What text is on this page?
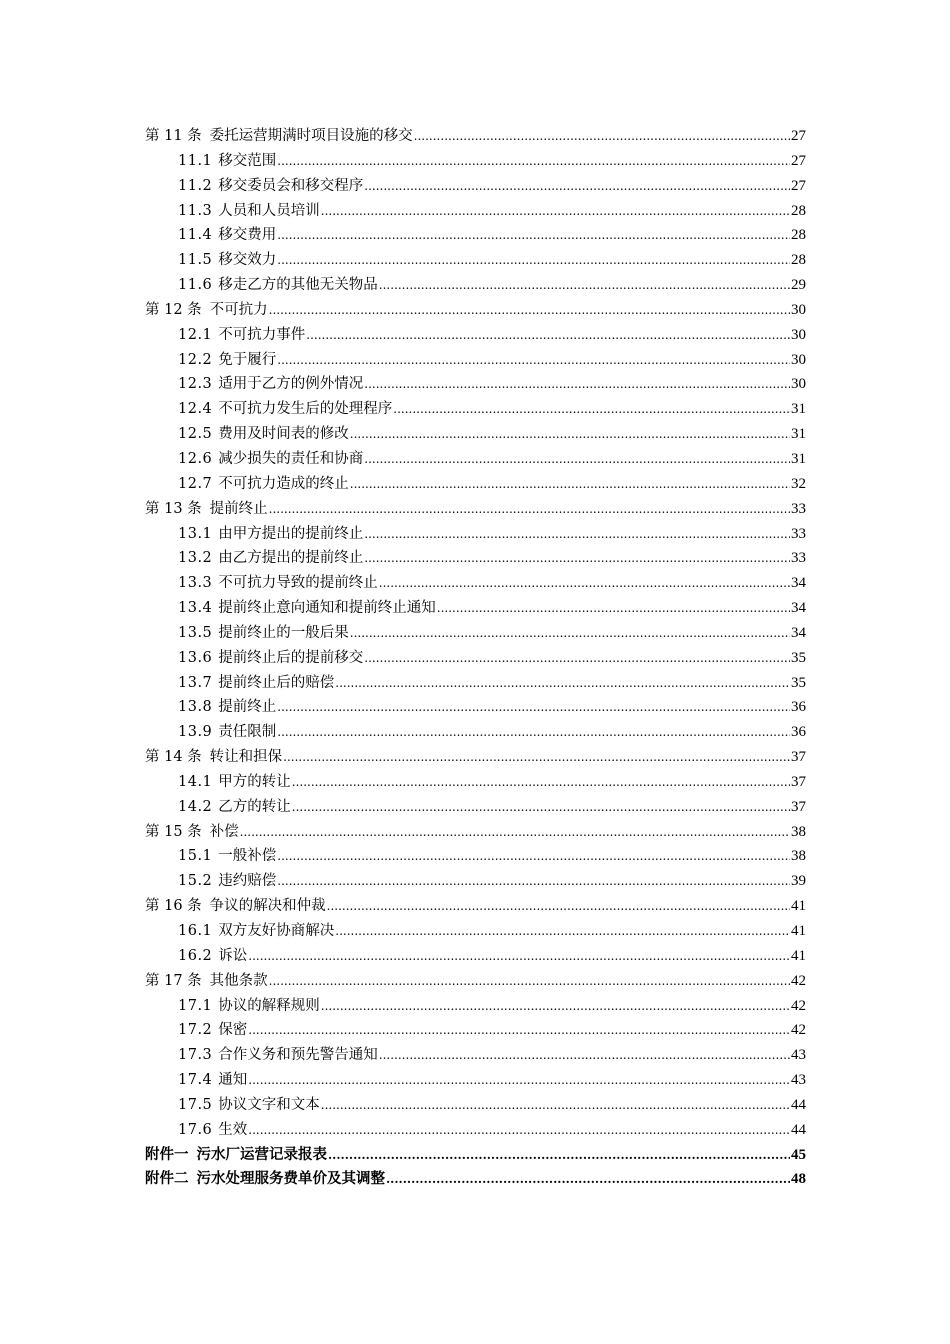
第 11 条 委托运营期满时项目设施的移交 .....	27
11.1 移交范围 .....	27
11.2 移交委员会和移交程序 .....	27
11.3 人员和人员培训 .....	28
11.4 移交费用 .....	28
11.5 移交效力 .....	28
11.6 移走乙方的其他无关物品 .....	29
第 12 条 不可抗力 .....	30
12.1 不可抗力事件 .....	30
12.2 免于履行 .....	30
12.3 适用于乙方的例外情况 .....	30
12.4 不可抗力发生后的处理程序 .....	31
12.5 费用及时间表的修改 .....	31
12.6 减少损失的责任和协商 .....	31
12.7 不可抗力造成的终止 .....	32
第 13 条 提前终止 .....	33
13.1 由甲方提出的提前终止 .....	33
13.2 由乙方提出的提前终止 .....	33
13.3 不可抗力导致的提前终止 .....	34
13.4 提前终止意向通知和提前终止通知 .....	34
13.5 提前终止的一般后果 .....	34
13.6 提前终止后的提前移交 .....	35
13.7 提前终止后的赔偿 .....	35
13.8 提前终止 .....	36
13.9 责任限制 .....	36
第 14 条 转让和担保 .....	37
14.1 甲方的转让 .....	37
14.2 乙方的转让 .....	37
第 15 条 补偿 .....	38
15.1 一般补偿 .....	38
15.2 违约赔偿 .....	39
第 16 条 争议的解决和仲裁 .....	41
16.1 双方友好协商解决 .....	41
16.2 诉讼 .....	41
第 17 条 其他条款 .....	42
17.1 协议的解释规则 .....	42
17.2 保密 .....	42
17.3 合作义务和预先警告通知 .....	43
17.4 通知 .....	43
17.5 协议文字和文本 .....	44
17.6 生效 .....	44
附件一 污水厂运营记录报表 .....	45
附件二 污水处理服务费单价及其调整 .....	48
